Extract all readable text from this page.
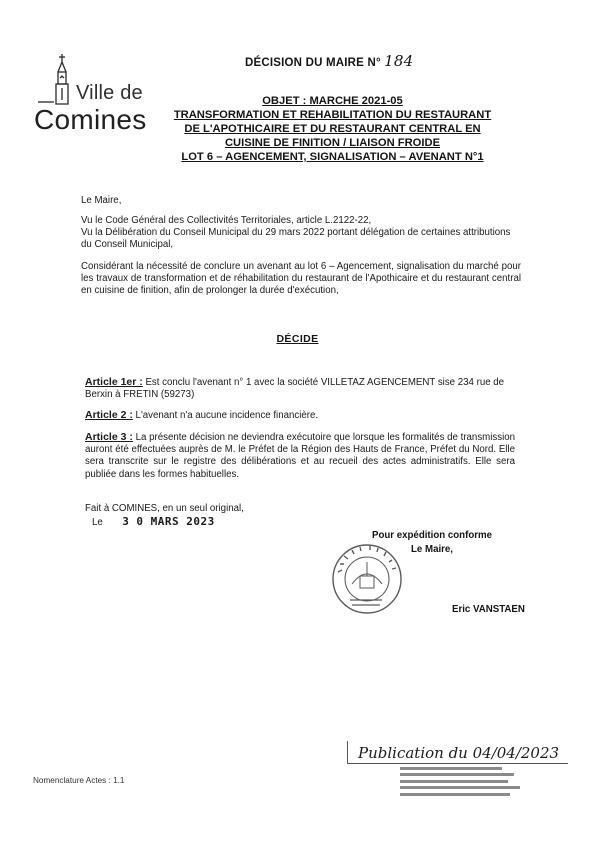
Ville de
Comines
DÉCISION DU MAIRE N° 184
OBJET : MARCHE 2021-05
TRANSFORMATION ET REHABILITATION DU RESTAURANT
DE L'APOTHICAIRE ET DU RESTAURANT CENTRAL EN
CUISINE DE FINITION / LIAISON FROIDE
LOT 6 – AGENCEMENT, SIGNALISATION – AVENANT N°1
Le Maire,
Vu le Code Général des Collectivités Territoriales, article L.2122-22,
Vu la Délibération du Conseil Municipal du 29 mars 2022 portant délégation de certaines attributions du Conseil Municipal,
Considérant la nécessité de conclure un avenant au lot 6 – Agencement, signalisation du marché pour les travaux de transformation et de réhabilitation du restaurant de l'Apothicaire et du restaurant central en cuisine de finition, afin de prolonger la durée d'exécution,
DÉCIDE
Article 1er : Est conclu l'avenant n° 1 avec la société VILLETAZ AGENCEMENT sise 234 rue de Berxin à FRETIN (59273)
Article 2 : L'avenant n'a aucune incidence financière.
Article 3 : La présente décision ne deviendra exécutoire que lorsque les formalités de transmission auront été effectuées auprès de M. le Préfet de la Région des Hauts de France, Préfet du Nord. Elle sera transcrite sur le registre des délibérations et au recueil des actes administratifs. Elle sera publiée dans les formes habituelles.
Fait à COMINES, en un seul original,
Le 3 0 MARS 2023
Pour expédition conforme
Le Maire,
Eric VANSTAEN
Nomenclature Actes : 1.1
Publication du 04/04/2023
